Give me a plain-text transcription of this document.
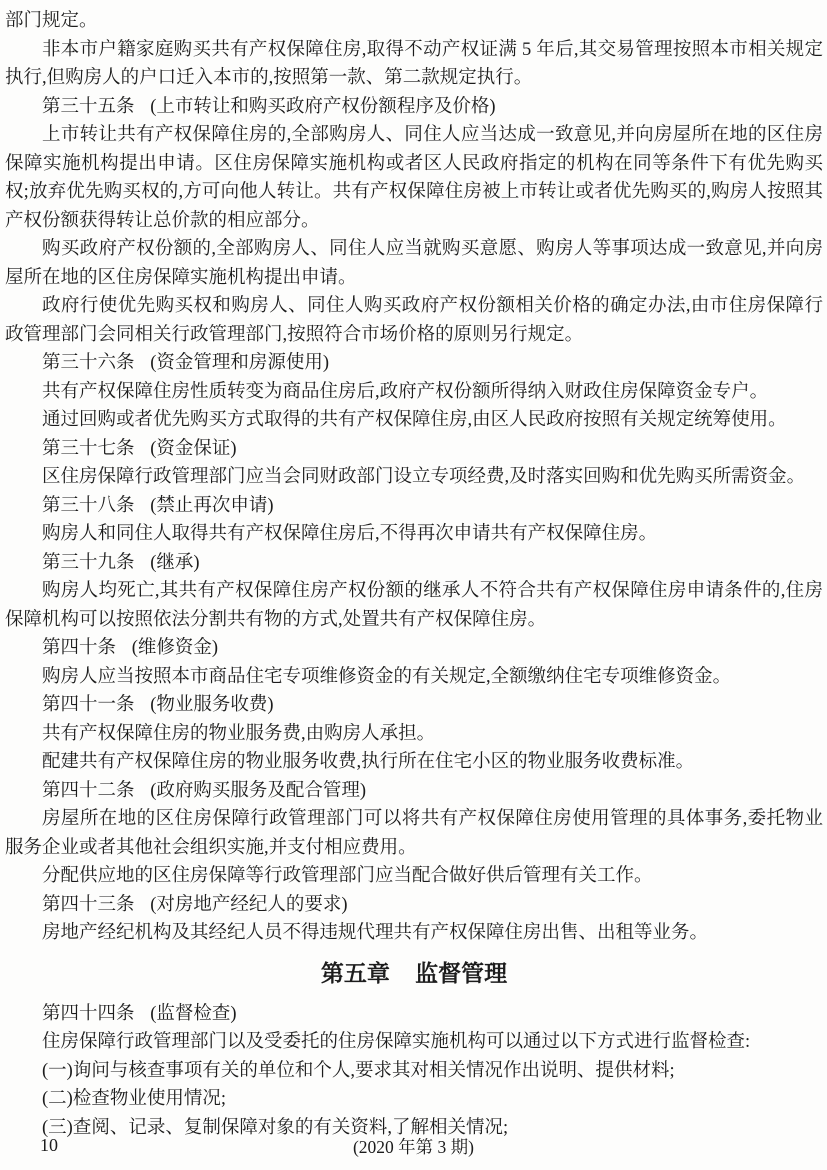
部门规定。

非本市户籍家庭购买共有产权保障住房,取得不动产权证满 5 年后,其交易管理按照本市相关规定执行,但购房人的户口迁入本市的,按照第一款、第二款规定执行。

第三十五条 (上市转让和购买政府产权份额程序及价格)

上市转让共有产权保障住房的,全部购房人、同住人应当达成一致意见,并向房屋所在地的区住房保障实施机构提出申请。区住房保障实施机构或者区人民政府指定的机构在同等条件下有优先购买权;放弃优先购买权的,方可向他人转让。共有产权保障住房被上市转让或者优先购买的,购房人按照其产权份额获得转让总价款的相应部分。

购买政府产权份额的,全部购房人、同住人应当就购买意愿、购房人等事项达成一致意见,并向房屋所在地的区住房保障实施机构提出申请。

政府行使优先购买权和购房人、同住人购买政府产权份额相关价格的确定办法,由市住房保障行政管理部门会同相关行政管理部门,按照符合市场价格的原则另行规定。

第三十六条 (资金管理和房源使用)

共有产权保障住房性质转变为商品住房后,政府产权份额所得纳入财政住房保障资金专户。

通过回购或者优先购买方式取得的共有产权保障住房,由区人民政府按照有关规定统筹使用。

第三十七条 (资金保证)

区住房保障行政管理部门应当会同财政部门设立专项经费,及时落实回购和优先购买所需资金。

第三十八条 (禁止再次申请)

购房人和同住人取得共有产权保障住房后,不得再次申请共有产权保障住房。

第三十九条 (继承)

购房人均死亡,其共有产权保障住房产权份额的继承人不符合共有产权保障住房申请条件的,住房保障机构可以按照依法分割共有物的方式,处置共有产权保障住房。

第四十条 (维修资金)

购房人应当按照本市商品住宅专项维修资金的有关规定,全额缴纳住宅专项维修资金。

第四十一条 (物业服务收费)

共有产权保障住房的物业服务费,由购房人承担。

配建共有产权保障住房的物业服务收费,执行所在住宅小区的物业服务收费标准。

第四十二条 (政府购买服务及配合管理)

房屋所在地的区住房保障行政管理部门可以将共有产权保障住房使用管理的具体事务,委托物业服务企业或者其他社会组织实施,并支付相应费用。

分配供应地的区住房保障等行政管理部门应当配合做好供后管理有关工作。

第四十三条 (对房地产经纪人的要求)

房地产经纪机构及其经纪人员不得违规代理共有产权保障住房出售、出租等业务。

第五章 监督管理

第四十四条 (监督检查)

住房保障行政管理部门以及受委托的住房保障实施机构可以通过以下方式进行监督检查:

(一)询问与核查事项有关的单位和个人,要求其对相关情况作出说明、提供材料;

(二)检查物业使用情况;

(三)查阅、记录、复制保障对象的有关资料,了解相关情况;

10	(2020 年第 3 期)
